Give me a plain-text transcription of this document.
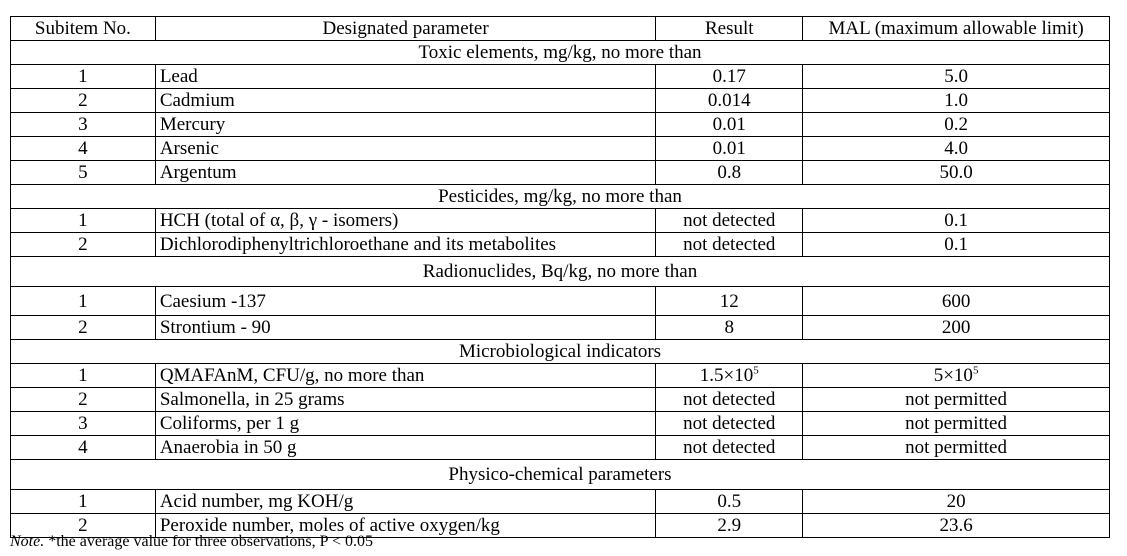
Subitem No.	Designated parameter	Result	MAL (maximum allowable limit)
Toxic elements, mg/kg, no more than			
1	Lead	0.17	5.0
2	Cadmium	0.014	1.0
3	Mercury	0.01	0.2
4	Arsenic	0.01	4.0
5	Argentum	0.8	50.0
Pesticides, mg/kg, no more than			
1	HCH (total of α, β, γ - isomers)	not detected	0.1
2	Dichlorodiphenyltrichloroethane and its metabolites	not detected	0.1
Radionuclides, Bq/kg, no more than			
1	Caesium -137	12	600
2	Strontium - 90	8	200
Microbiological indicators			
1	QMAFAnM, CFU/g, no more than	$1.5\times 10^5$	$5\times 10^5$
2	Salmonella, in 25 grams	not detected	not permitted
3	Coliforms, per 1 g	not detected	not permitted
4	Anaerobia in 50 g	not detected	not permitted
Physico-chemical parameters			
1	Acid number, mg KOH/g	0.5	20
2	Peroxide number, moles of active oxygen/kg	2.9	23.6
Note. *the average value for three observations, P < 0.05
